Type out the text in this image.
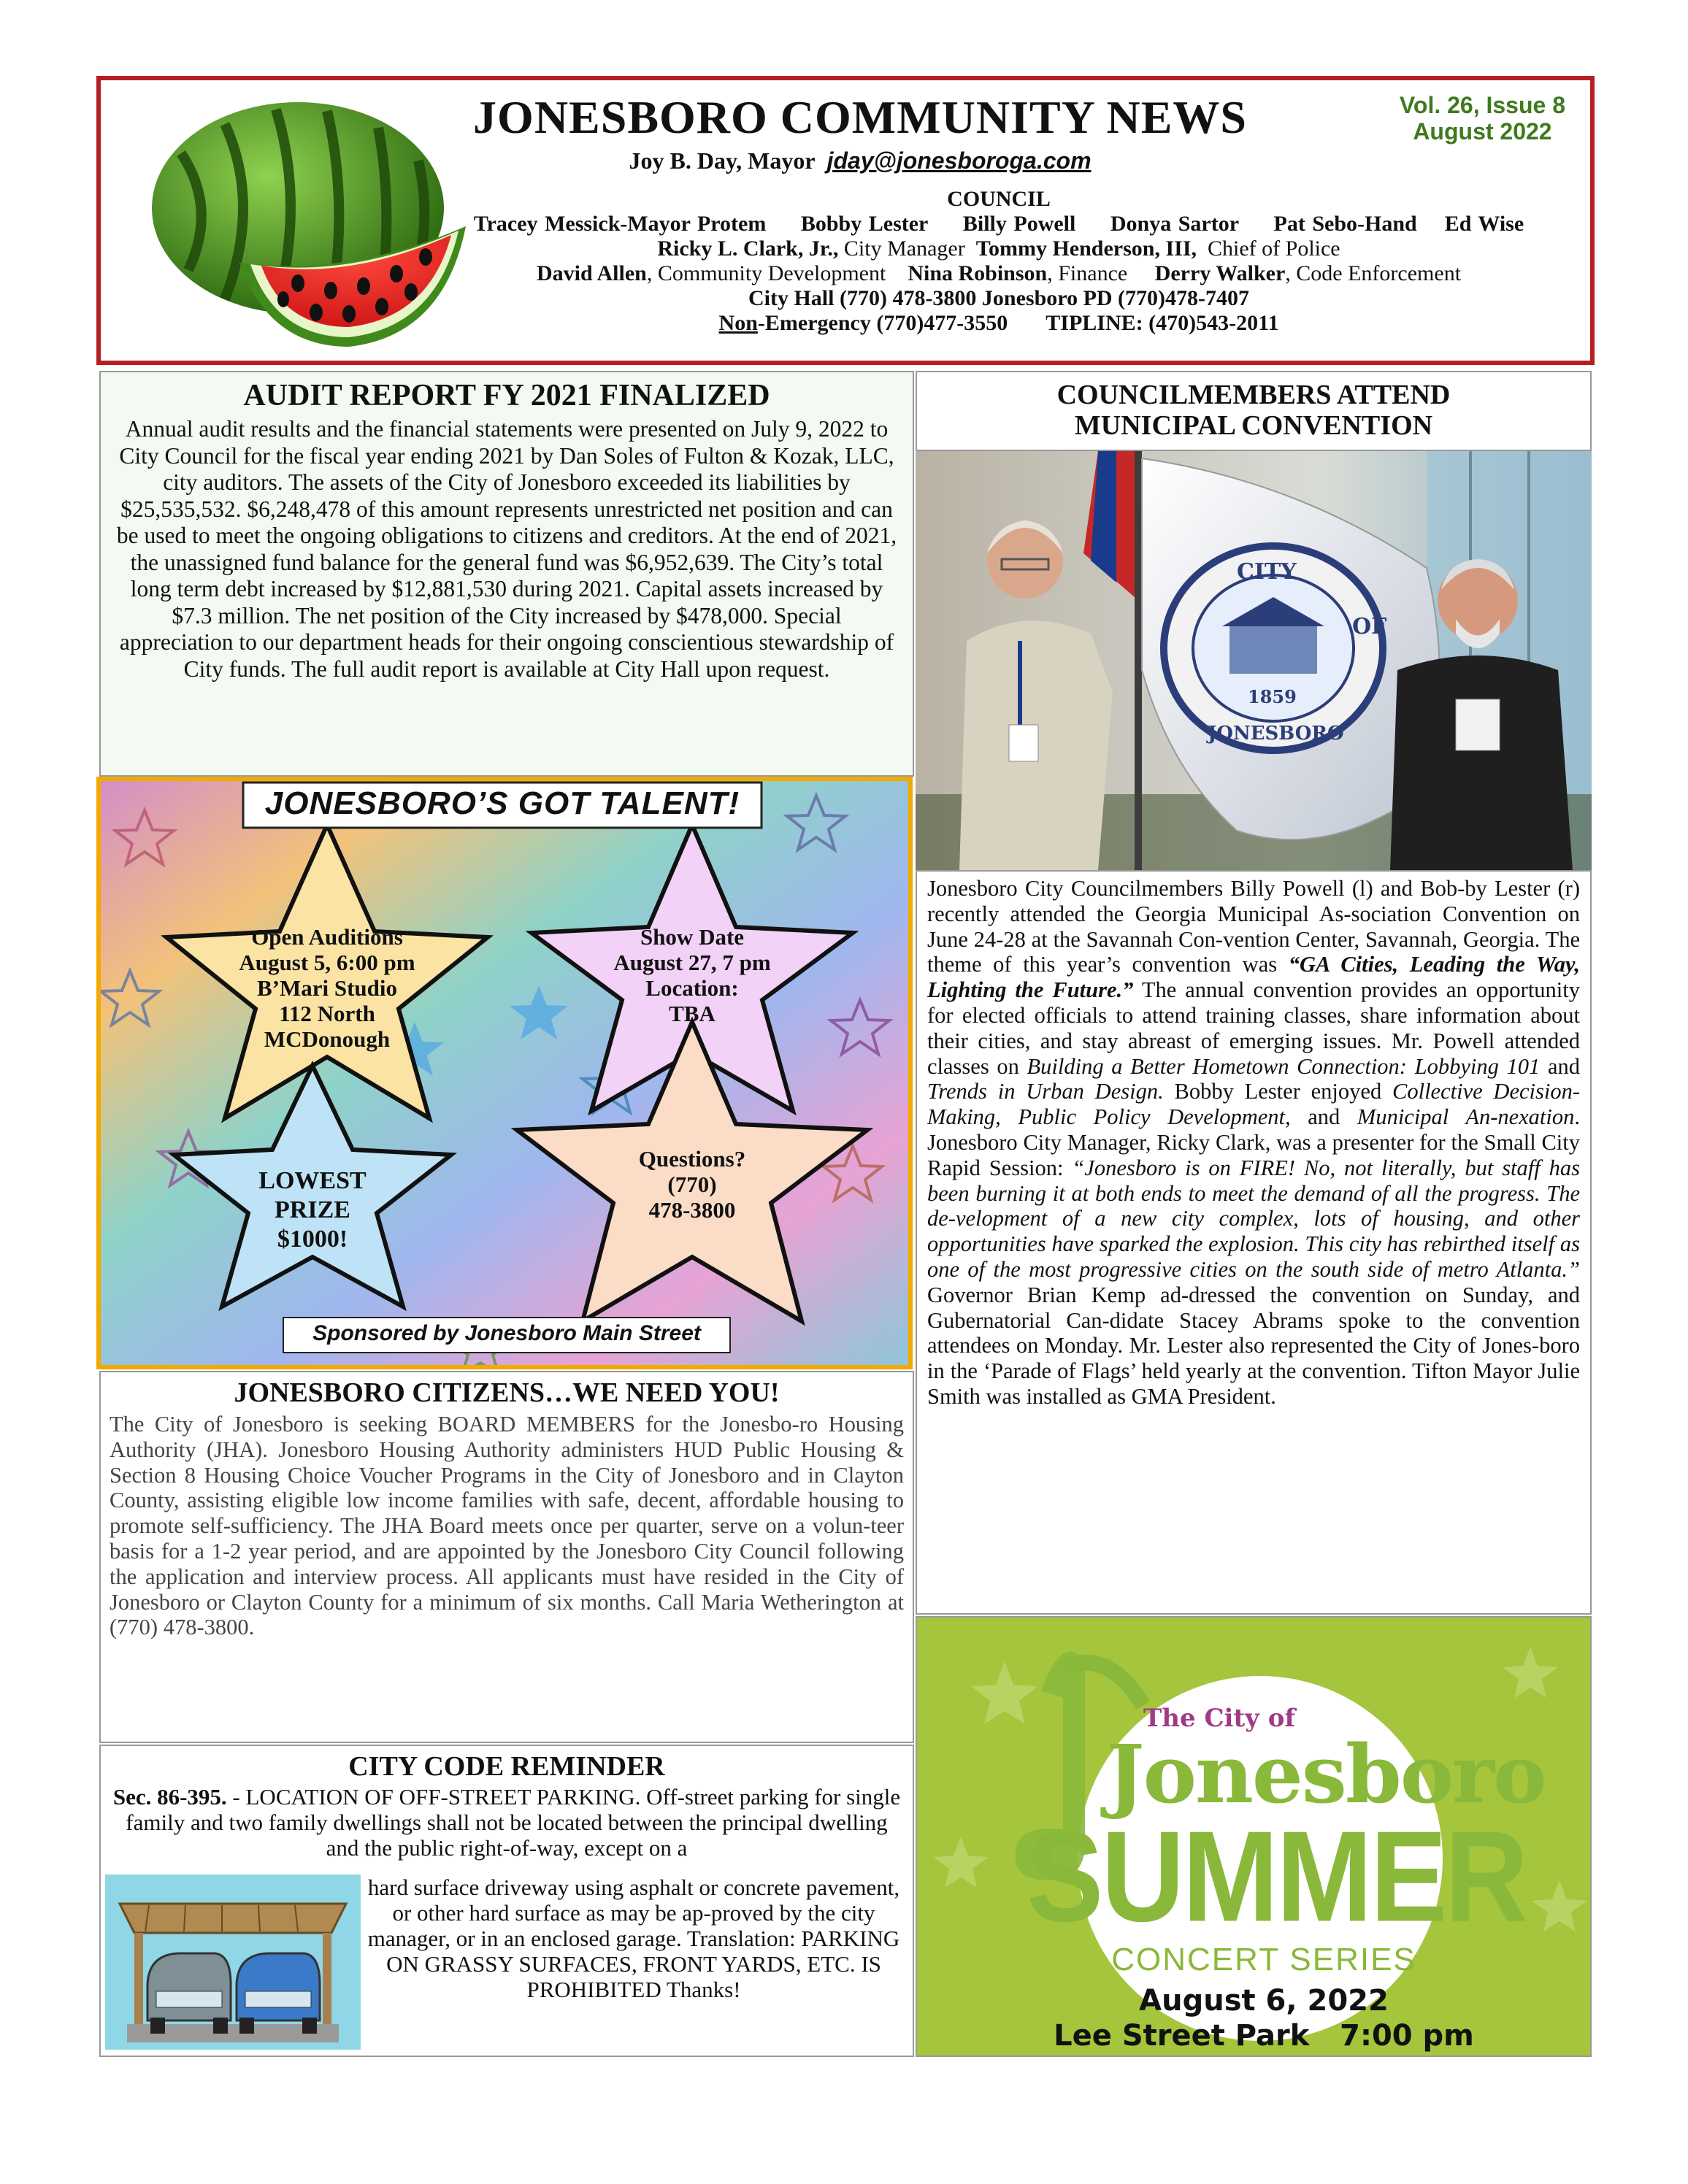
JONESBORO COMMUNITY NEWS	Vol. 26, Issue 8
August 2022
Joy B. Day, Mayor jday@jonesboroga.com
COUNCIL
Tracey Messick-Mayor Protem Bobby Lester Billy Powell Donya Sartor Pat Sebo-Hand Ed Wise
Ricky L. Clark, Jr., City Manager Tommy Henderson, III, Chief of Police
David Allen, Community Development Nina Robinson, Finance Derry Walker, Code Enforcement
City Hall (770) 478-3800 Jonesboro PD (770)478-7407
Non-Emergency (770)477-3550 TIPLINE: (470)543-2011
AUDIT REPORT FY 2021 FINALIZED

Annual audit results and the financial statements were presented on July 9, 2022 to City Council for the fiscal year ending 2021 by Dan Soles of Fulton & Kozak, LLC, city auditors. The assets of the City of Jonesboro exceeded its liabilities by $25,535,532. $6,248,478 of this amount represents unrestricted net position and can be used to meet the ongoing obligations to citizens and creditors. At the end of 2021, the unassigned fund balance for the general fund was $6,952,639. The City’s total long term debt increased by $12,881,530 during 2021. Capital assets increased by $7.3 million. The net position of the City increased by $478,000. Special appreciation to our department heads for their ongoing conscientious stewardship of City funds. The full audit report is available at City Hall upon request.

COUNCILMEMBERS ATTEND
MUNICIPAL CONVENTION
CITY
OF
JONESBORO
1859
Jonesboro City Councilmembers Billy Powell (l) and Bob-by Lester (r) recently attended the Georgia Municipal As-sociation Convention on June 24-28 at the Savannah Con-vention Center, Savannah, Georgia. The theme of this year’s convention was “GA Cities, Leading the Way, Lighting the Future.” The annual convention provides an opportunity for elected officials to attend training classes, share information about their cities, and stay abreast of emerging issues. Mr. Powell attended classes on Building a Better Hometown Connection: Lobbying 101 and Trends in Urban Design. Bobby Lester enjoyed Collective Decision-Making, Public Policy Development, and Municipal An-nexation. Jonesboro City Manager, Ricky Clark, was a presenter for the Small City Rapid Session: “Jonesboro is on FIRE! No, not literally, but staff has been burning it at both ends to meet the demand of all the progress. The de-velopment of a new city complex, lots of housing, and other opportunities have sparked the explosion. This city has rebirthed itself as one of the most progressive cities on the south side of metro Atlanta.” Governor Brian Kemp ad-dressed the convention on Sunday, and Gubernatorial Can-didate Stacey Abrams spoke to the convention attendees on Monday. Mr. Lester also represented the City of Jones-boro in the ‘Parade of Flags’ held yearly at the convention. Tifton Mayor Julie Smith was installed as GMA President.
JONESBORO’S GOT TALENT!
Open Auditions
August 5, 6:00 pm
B’Mari Studio
112 North
MCDonough
Show Date
August 27, 7 pm
Location:
TBA
LOWEST
PRIZE
$1000!
Questions?
(770)
478-3800
Sponsored by Jonesboro Main Street
JONESBORO CITIZENS…WE NEED YOU!

The City of Jonesboro is seeking BOARD MEMBERS for the Jonesbo-ro Housing Authority (JHA). Jonesboro Housing Authority administers HUD Public Housing & Section 8 Housing Choice Voucher Programs in the City of Jonesboro and in Clayton County, assisting eligible low income families with safe, decent, affordable housing to promote self-sufficiency. The JHA Board meets once per quarter, serve on a volun-teer basis for a 1-2 year period, and are appointed by the Jonesboro City Council following the application and interview process. All applicants must have resided in the City of Jonesboro or Clayton County for a minimum of six months. Call Maria Wetherington at (770) 478-3800.

CITY CODE REMINDER

Sec. 86-395. - LOCATION OF OFF-STREET PARKING. Off-street parking for single family and two family dwellings shall not be located between the principal dwelling and the public right-of-way, except on a

hard surface driveway using asphalt or concrete pavement, or other hard surface as may be ap-proved by the city manager, or in an enclosed garage. Translation: PARKING ON GRASSY SURFACES, FRONT YARDS, ETC. IS PROHIBITED Thanks!
The City of
Jonesboro
SUMMER
CONCERT SERIES
August 6, 2022
Lee Street Park 7:00 pm
